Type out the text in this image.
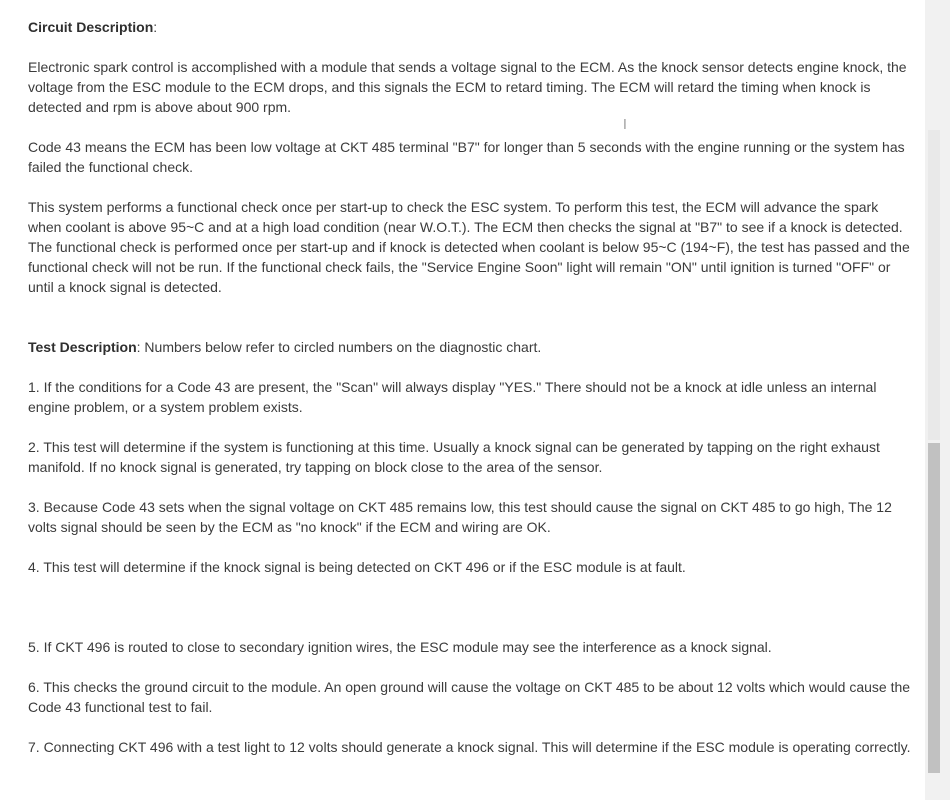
Circuit Description:

Electronic spark control is accomplished with a module that sends a voltage signal to the ECM. As the knock sensor detects engine knock, the voltage from the ESC module to the ECM drops, and this signals the ECM to retard timing. The ECM will retard the timing when knock is detected and rpm is above about 900 rpm.

Code 43 means the ECM has been low voltage at CKT 485 terminal "B7" for longer than 5 seconds with the engine running or the system has failed the functional check.

This system performs a functional check once per start-up to check the ESC system. To perform this test, the ECM will advance the spark when coolant is above 95~C and at a high load condition (near W.O.T.). The ECM then checks the signal at "B7" to see if a knock is detected. The functional check is performed once per start-up and if knock is detected when coolant is below 95~C (194~F), the test has passed and the functional check will not be run. If the functional check fails, the "Service Engine Soon" light will remain "ON" until ignition is turned "OFF" or until a knock signal is detected.

Test Description: Numbers below refer to circled numbers on the diagnostic chart.

1. If the conditions for a Code 43 are present, the "Scan" will always display "YES." There should not be a knock at idle unless an internal engine problem, or a system problem exists.

2. This test will determine if the system is functioning at this time. Usually a knock signal can be generated by tapping on the right exhaust manifold. If no knock signal is generated, try tapping on block close to the area of the sensor.

3. Because Code 43 sets when the signal voltage on CKT 485 remains low, this test should cause the signal on CKT 485 to go high, The 12 volts signal should be seen by the ECM as "no knock" if the ECM and wiring are OK.

4. This test will determine if the knock signal is being detected on CKT 496 or if the ESC module is at fault.

5. If CKT 496 is routed to close to secondary ignition wires, the ESC module may see the interference as a knock signal.

6. This checks the ground circuit to the module. An open ground will cause the voltage on CKT 485 to be about 12 volts which would cause the Code 43 functional test to fail.

7. Connecting CKT 496 with a test light to 12 volts should generate a knock signal. This will determine if the ESC module is operating correctly.

Ι
